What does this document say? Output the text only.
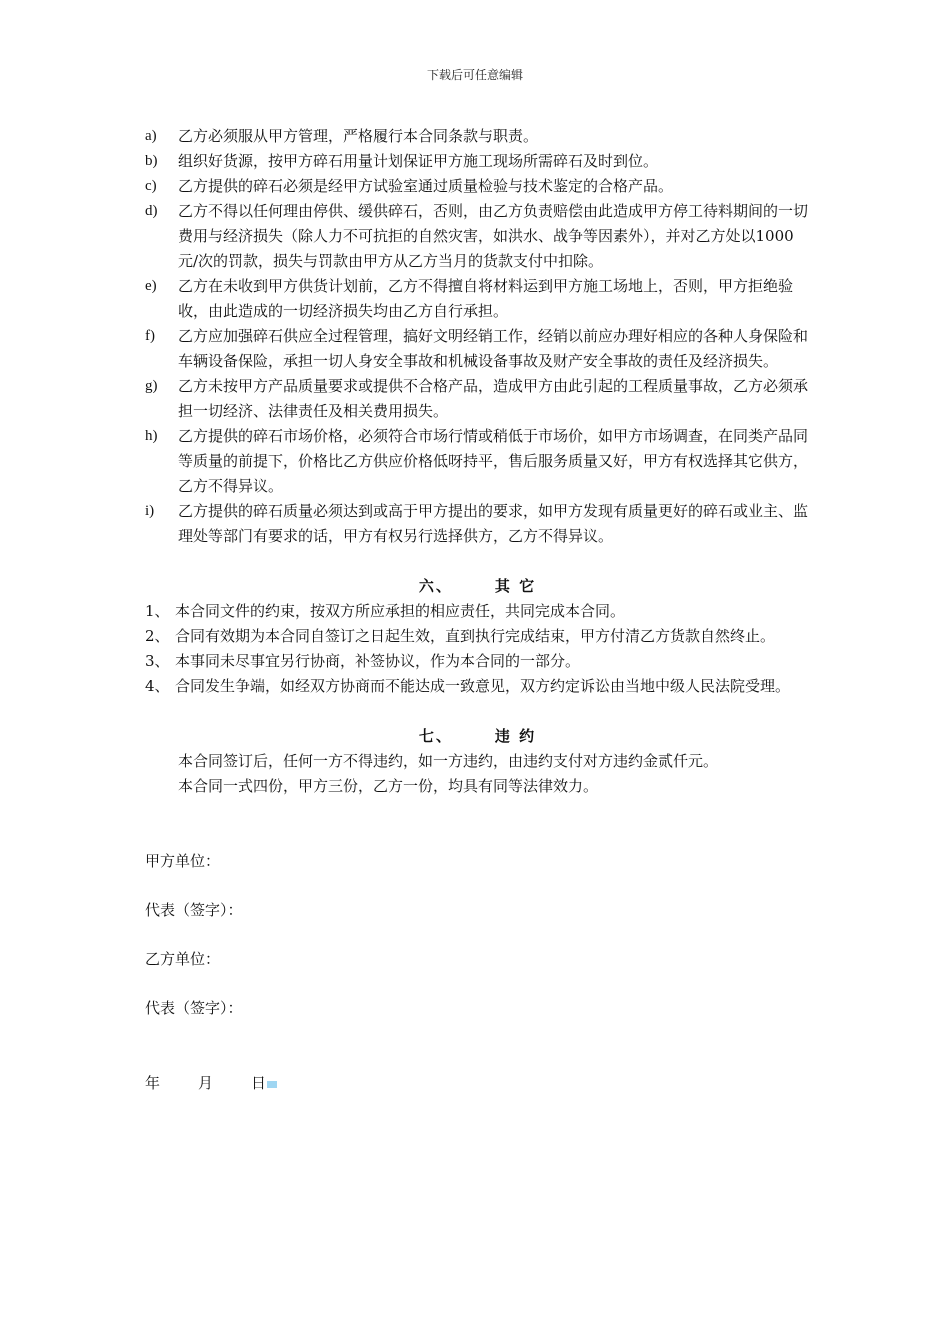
下载后可任意编辑
a) 乙方必须服从甲方管理，严格履行本合同条款与职责。
b) 组织好货源，按甲方碎石用量计划保证甲方施工现场所需碎石及时到位。
c) 乙方提供的碎石必须是经甲方试验室通过质量检验与技术鉴定的合格产品。
d) 乙方不得以任何理由停供、缓供碎石，否则，由乙方负责赔偿由此造成甲方停工待料期间的一切费用与经济损失（除人力不可抗拒的自然灾害，如洪水、战争等因素外），并对乙方处以1000元/次的罚款，损失与罚款由甲方从乙方当月的货款支付中扣除。
e) 乙方在未收到甲方供货计划前，乙方不得擅自将材料运到甲方施工场地上，否则，甲方拒绝验收，由此造成的一切经济损失均由乙方自行承担。
f) 乙方应加强碎石供应全过程管理，搞好文明经销工作，经销以前应办理好相应的各种人身保险和车辆设备保险，承担一切人身安全事故和机械设备事故及财产安全事故的责任及经济损失。
g) 乙方未按甲方产品质量要求或提供不合格产品，造成甲方由此引起的工程质量事故，乙方必须承担一切经济、法律责任及相关费用损失。
h) 乙方提供的碎石市场价格，必须符合市场行情或稍低于市场价，如甲方市场调查，在同类产品同等质量的前提下，价格比乙方供应价格低呀持平，售后服务质量又好，甲方有权选择其它供方，乙方不得异议。
i) 乙方提供的碎石质量必须达到或高于甲方提出的要求，如甲方发现有质量更好的碎石或业主、监理处等部门有要求的话，甲方有权另行选择供方，乙方不得异议。
六、	其 它
1、 本合同文件的约束，按双方所应承担的相应责任，共同完成本合同。
2、 合同有效期为本合同自签订之日起生效，直到执行完成结束，甲方付清乙方货款自然终止。
3、 本事同未尽事宜另行协商，补签协议，作为本合同的一部分。
4、 合同发生争端，如经双方协商而不能达成一致意见，双方约定诉讼由当地中级人民法院受理。
七、	违 约
本合同签订后，任何一方不得违约，如一方违约，由违约支付对方违约金贰仟元。
本合同一式四份，甲方三份，乙方一份，均具有同等法律效力。
甲方单位：
代表（签字）：
乙方单位：
代表（签字）：
年	月	日
